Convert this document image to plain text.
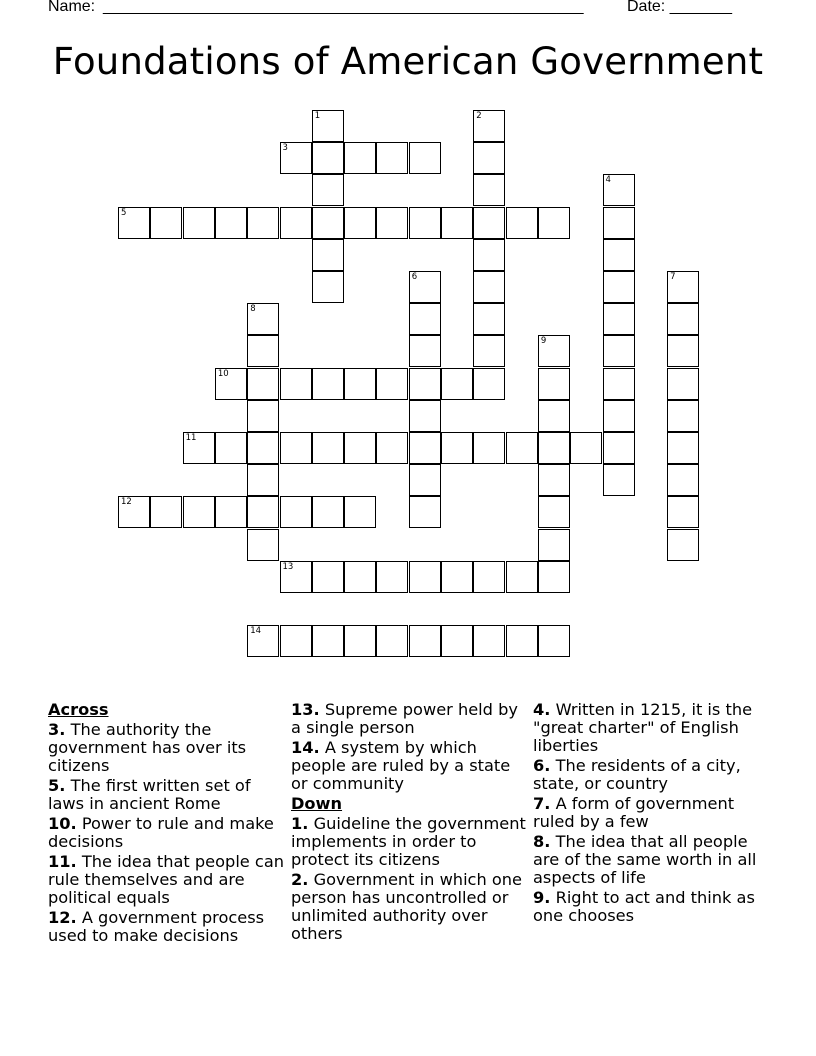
Name: ______________________________________________________	Date: _______
Foundations of American Government
1	2
3
4
5
6	7
8
9
10
11
12
13
14
Across
3. The authority the government has over its citizens
5. The first written set of laws in ancient Rome
10. Power to rule and make decisions
11. The idea that people can rule themselves and are political equals
12. A government process used to make decisions
13. Supreme power held by a single person
14. A system by which people are ruled by a state or community
Down
1. Guideline the government implements in order to protect its citizens
2. Government in which one person has uncontrolled or unlimited authority over others
4. Written in 1215, it is the "great charter" of English liberties
6. The residents of a city, state, or country
7. A form of government ruled by a few
8. The idea that all people are of the same worth in all aspects of life
9. Right to act and think as one chooses
